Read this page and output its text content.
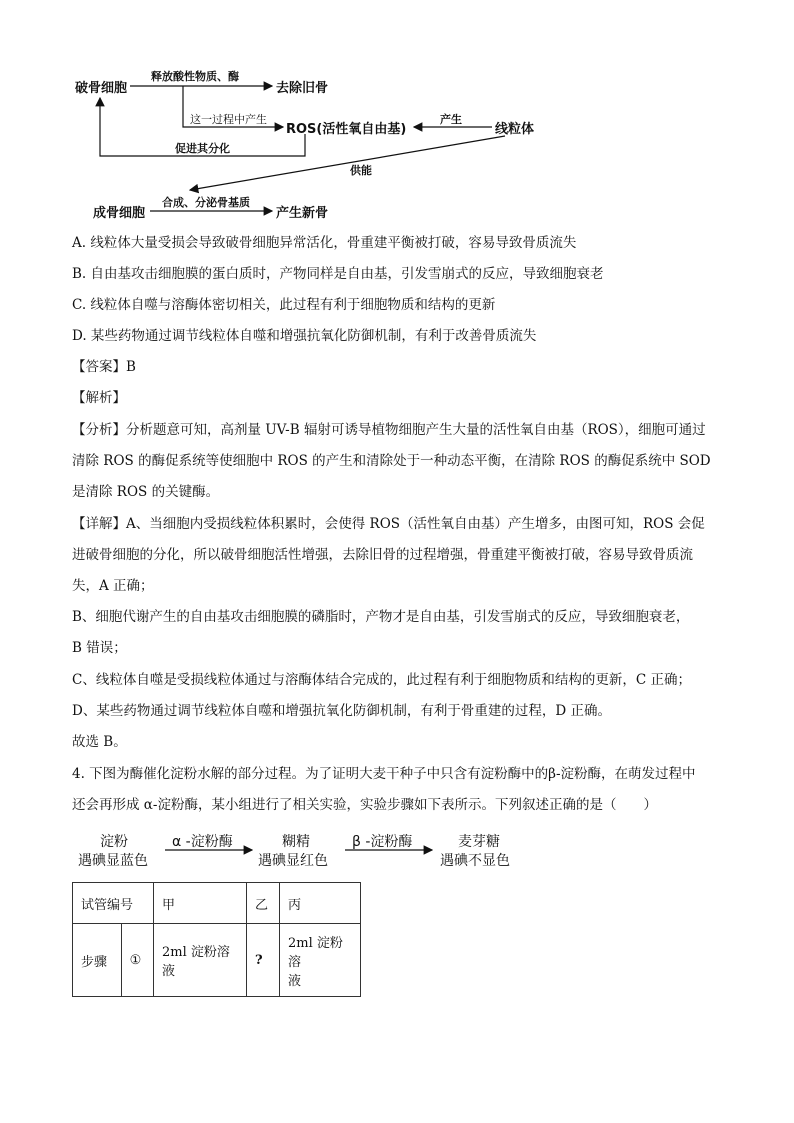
破骨细胞
释放酸性物质、酶
去除旧骨
这一过程中产生
ROS(活性氧自由基)
产生
线粒体
促进其分化
供能
成骨细胞
合成、分泌骨基质
产生新骨
A. 线粒体大量受损会导致破骨细胞异常活化，骨重建平衡被打破，容易导致骨质流失
B. 自由基攻击细胞膜的蛋白质时，产物同样是自由基，引发雪崩式的反应，导致细胞衰老
C. 线粒体自噬与溶酶体密切相关，此过程有利于细胞物质和结构的更新
D. 某些药物通过调节线粒体自噬和增强抗氧化防御机制，有利于改善骨质流失
【答案】B
【解析】
【分析】分析题意可知，高剂量 UV-B 辐射可诱导植物细胞产生大量的活性氧自由基（ROS），细胞可通过
清除 ROS 的酶促系统等使细胞中 ROS 的产生和清除处于一种动态平衡，在清除 ROS 的酶促系统中 SOD
是清除 ROS 的关键酶。
【详解】A、当细胞内受损线粒体积累时，会使得 ROS（活性氧自由基）产生增多，由图可知，ROS 会促
进破骨细胞的分化，所以破骨细胞活性增强，去除旧骨的过程增强，骨重建平衡被打破，容易导致骨质流
失，A 正确；
B、细胞代谢产生的自由基攻击细胞膜的磷脂时，产物才是自由基，引发雪崩式的反应，导致细胞衰老，
B 错误；
C、线粒体自噬是受损线粒体通过与溶酶体结合完成的，此过程有利于细胞物质和结构的更新，C 正确；
D、某些药物通过调节线粒体自噬和增强抗氧化防御机制，有利于骨重建的过程，D 正确。
故选 B。
4. 下图为酶催化淀粉水解的部分过程。为了证明大麦干种子中只含有淀粉酶中的β-淀粉酶，在萌发过程中
还会再形成 α-淀粉酶，某小组进行了相关实验，实验步骤如下表所示。下列叙述正确的是（　　）
淀粉
遇碘显蓝色
α -淀粉酶	糊精
遇碘显红色
β -淀粉酶	麦芽糖
遇碘不显色
试管编号		甲	乙	丙
步骤	①	2ml 淀粉溶液	?	2ml 淀粉溶
液
